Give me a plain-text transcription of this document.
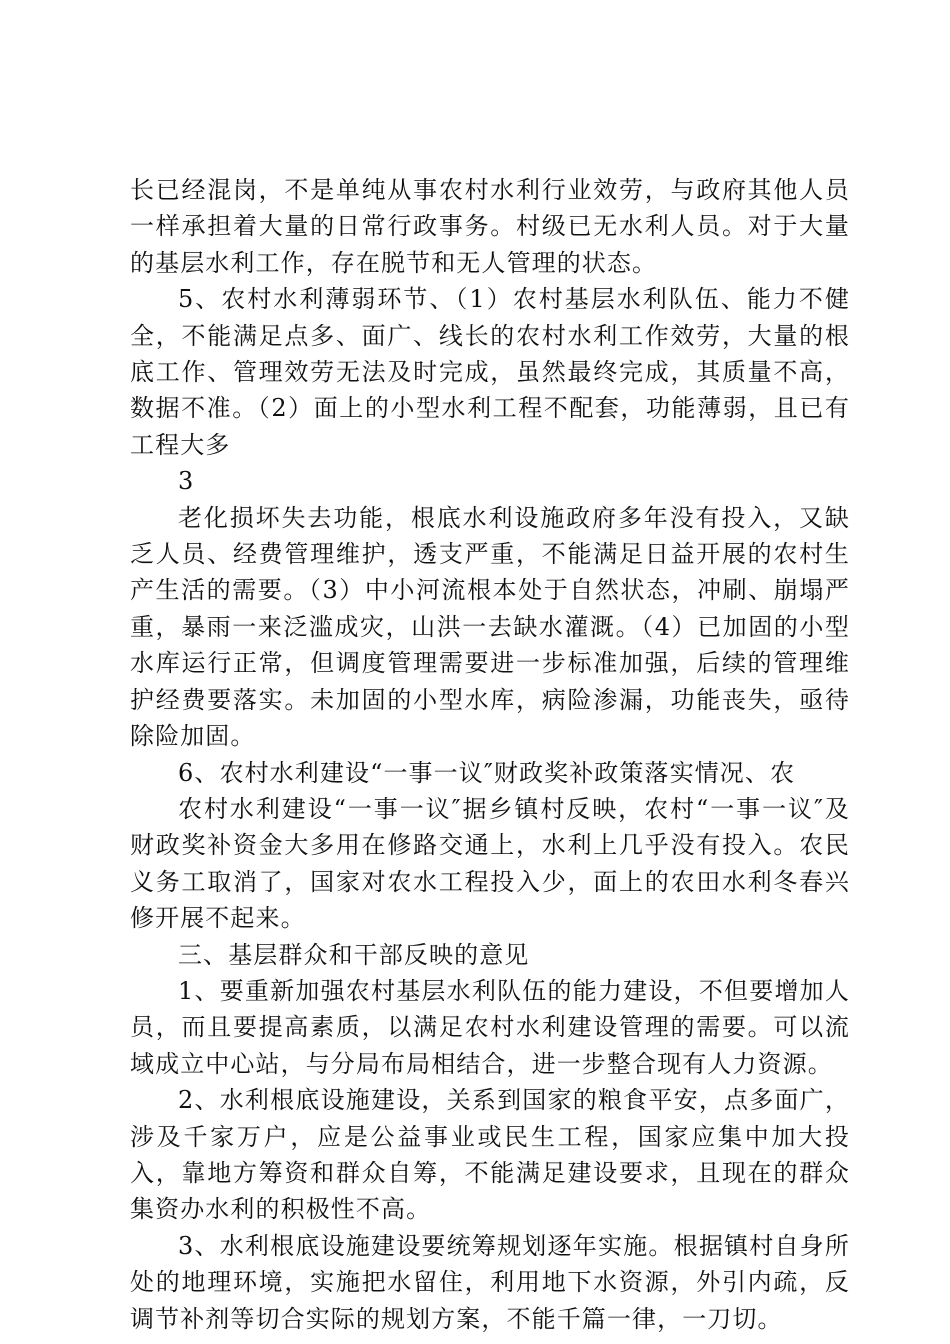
长已经混岗，不是单纯从事农村水利行业效劳，与政府其他人员一样承担着大量的日常行政事务。村级已无水利人员。对于大量的基层水利工作，存在脱节和无人管理的状态。

5、农村水利薄弱环节、（1）农村基层水利队伍、能力不健全，不能满足点多、面广、线长的农村水利工作效劳，大量的根底工作、管理效劳无法及时完成，虽然最终完成，其质量不高，数据不准。（2）面上的小型水利工程不配套，功能薄弱，且已有工程大多

3

老化损坏失去功能，根底水利设施政府多年没有投入，又缺乏人员、经费管理维护，透支严重，不能满足日益开展的农村生产生活的需要。（3）中小河流根本处于自然状态，冲刷、崩塌严重，暴雨一来泛滥成灾，山洪一去缺水灌溉。（4）已加固的小型水库运行正常，但调度管理需要进一步标准加强，后续的管理维护经费要落实。未加固的小型水库，病险渗漏，功能丧失，亟待除险加固。

6、农村水利建设“一事一议″财政奖补政策落实情况、农

农村水利建设“一事一议″据乡镇村反映，农村“一事一议″及财政奖补资金大多用在修路交通上，水利上几乎没有投入。农民义务工取消了，国家对农水工程投入少，面上的农田水利冬春兴修开展不起来。

三、基层群众和干部反映的意见

1、要重新加强农村基层水利队伍的能力建设，不但要增加人员，而且要提高素质，以满足农村水利建设管理的需要。可以流域成立中心站，与分局布局相结合，进一步整合现有人力资源。

2、水利根底设施建设，关系到国家的粮食平安，点多面广，涉及千家万户，应是公益事业或民生工程，国家应集中加大投入，靠地方筹资和群众自筹，不能满足建设要求，且现在的群众集资办水利的积极性不高。

3、水利根底设施建设要统筹规划逐年实施。根据镇村自身所处的地理环境，实施把水留住，利用地下水资源，外引内疏，反调节补剂等切合实际的规划方案，不能千篇一律，一刀切。
